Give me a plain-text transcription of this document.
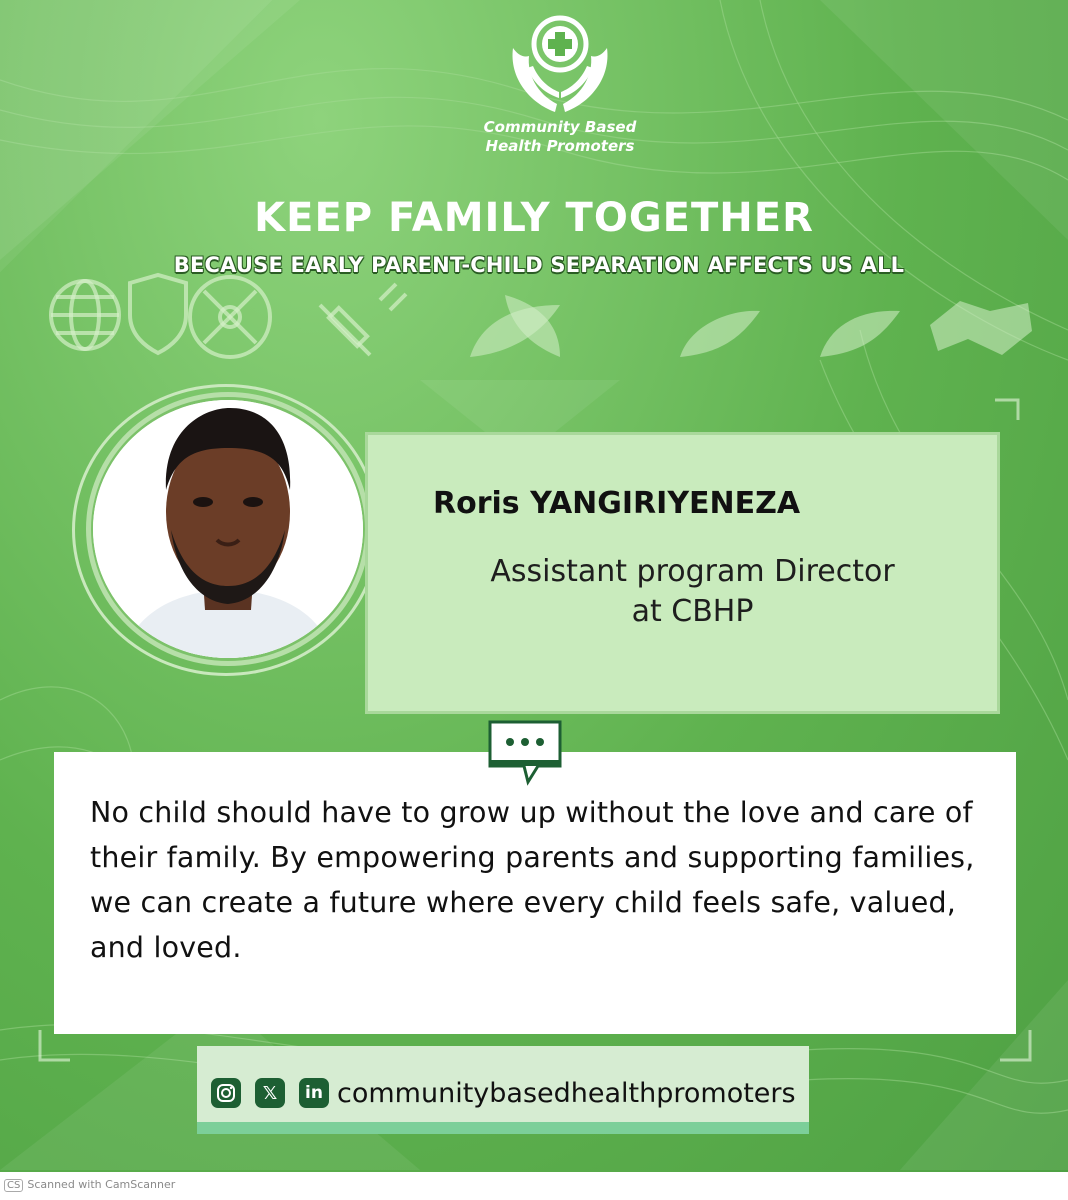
Community Based
Health Promoters
KEEP FAMILY TOGETHER
BECAUSE EARLY PARENT-CHILD SEPARATION AFFECTS US ALL
Roris YANGIRIYENEZA
Assistant program Director
at CBHP
No child should have to grow up without the love and care of their family. By empowering parents and supporting families, we can create a future where every child feels safe, valued, and loved.
𝕏	in communitybasedhealthpromoters
CS Scanned with CamScanner
